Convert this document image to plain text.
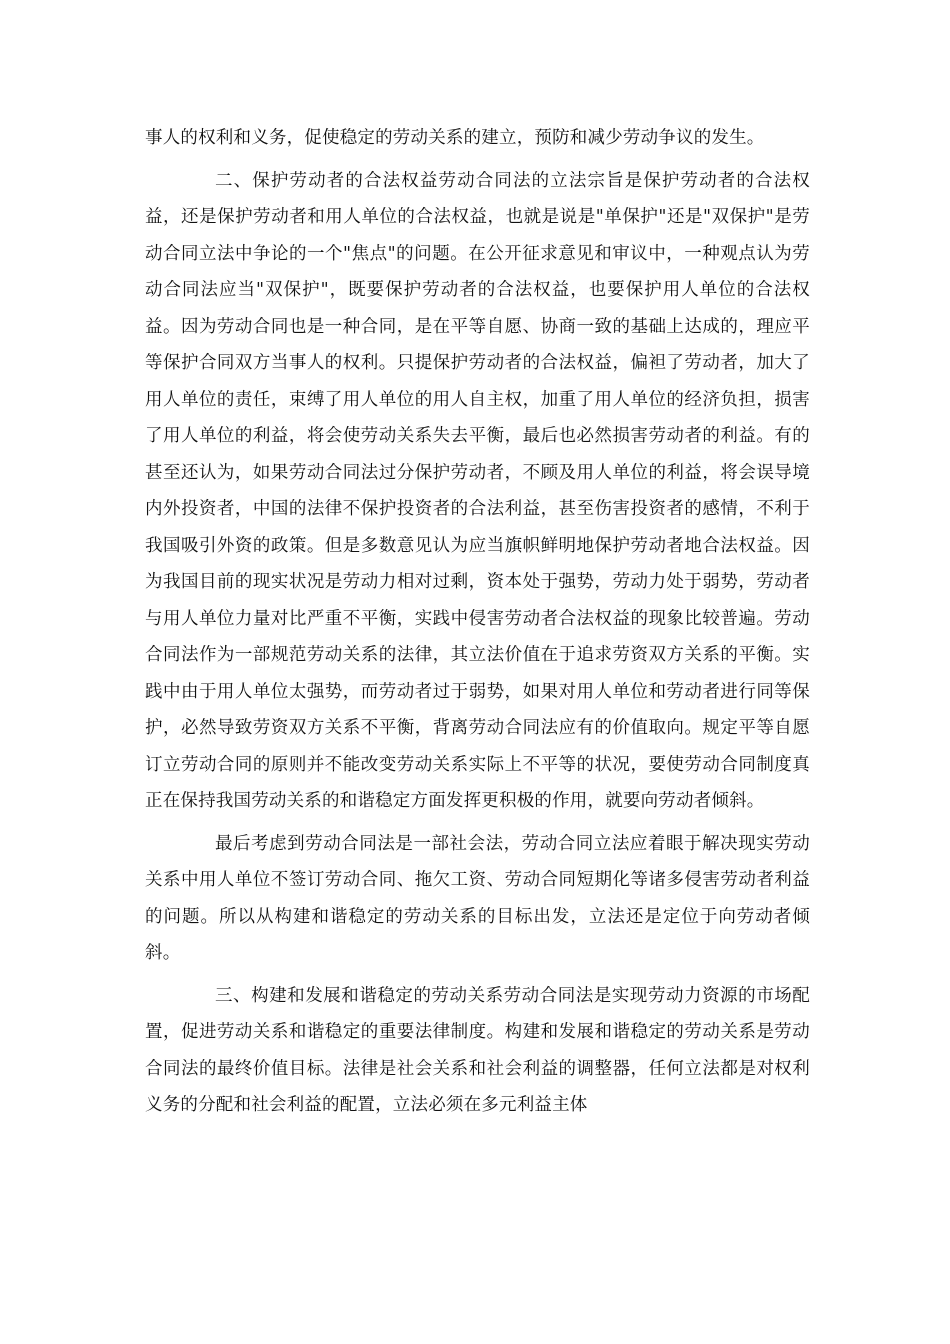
事人的权利和义务，促使稳定的劳动关系的建立，预防和减少劳动争议的发生。

二、保护劳动者的合法权益劳动合同法的立法宗旨是保护劳动者的合法权益，还是保护劳动者和用人单位的合法权益，也就是说是"单保护"还是"双保护"是劳动合同立法中争论的一个"焦点"的问题。在公开征求意见和审议中，一种观点认为劳动合同法应当"双保护"，既要保护劳动者的合法权益，也要保护用人单位的合法权益。因为劳动合同也是一种合同，是在平等自愿、协商一致的基础上达成的，理应平等保护合同双方当事人的权利。只提保护劳动者的合法权益，偏袒了劳动者，加大了用人单位的责任，束缚了用人单位的用人自主权，加重了用人单位的经济负担，损害了用人单位的利益，将会使劳动关系失去平衡，最后也必然损害劳动者的利益。有的甚至还认为，如果劳动合同法过分保护劳动者，不顾及用人单位的利益，将会误导境内外投资者，中国的法律不保护投资者的合法利益，甚至伤害投资者的感情，不利于我国吸引外资的政策。但是多数意见认为应当旗帜鲜明地保护劳动者地合法权益。因为我国目前的现实状况是劳动力相对过剩，资本处于强势，劳动力处于弱势，劳动者与用人单位力量对比严重不平衡，实践中侵害劳动者合法权益的现象比较普遍。劳动合同法作为一部规范劳动关系的法律，其立法价值在于追求劳资双方关系的平衡。实践中由于用人单位太强势，而劳动者过于弱势，如果对用人单位和劳动者进行同等保护，必然导致劳资双方关系不平衡，背离劳动合同法应有的价值取向。规定平等自愿订立劳动合同的原则并不能改变劳动关系实际上不平等的状况，要使劳动合同制度真正在保持我国劳动关系的和谐稳定方面发挥更积极的作用，就要向劳动者倾斜。

最后考虑到劳动合同法是一部社会法，劳动合同立法应着眼于解决现实劳动关系中用人单位不签订劳动合同、拖欠工资、劳动合同短期化等诸多侵害劳动者利益的问题。所以从构建和谐稳定的劳动关系的目标出发，立法还是定位于向劳动者倾斜。

三、构建和发展和谐稳定的劳动关系劳动合同法是实现劳动力资源的市场配置，促进劳动关系和谐稳定的重要法律制度。构建和发展和谐稳定的劳动关系是劳动合同法的最终价值目标。法律是社会关系和社会利益的调整器，任何立法都是对权利义务的分配和社会利益的配置，立法必须在多元利益主体
